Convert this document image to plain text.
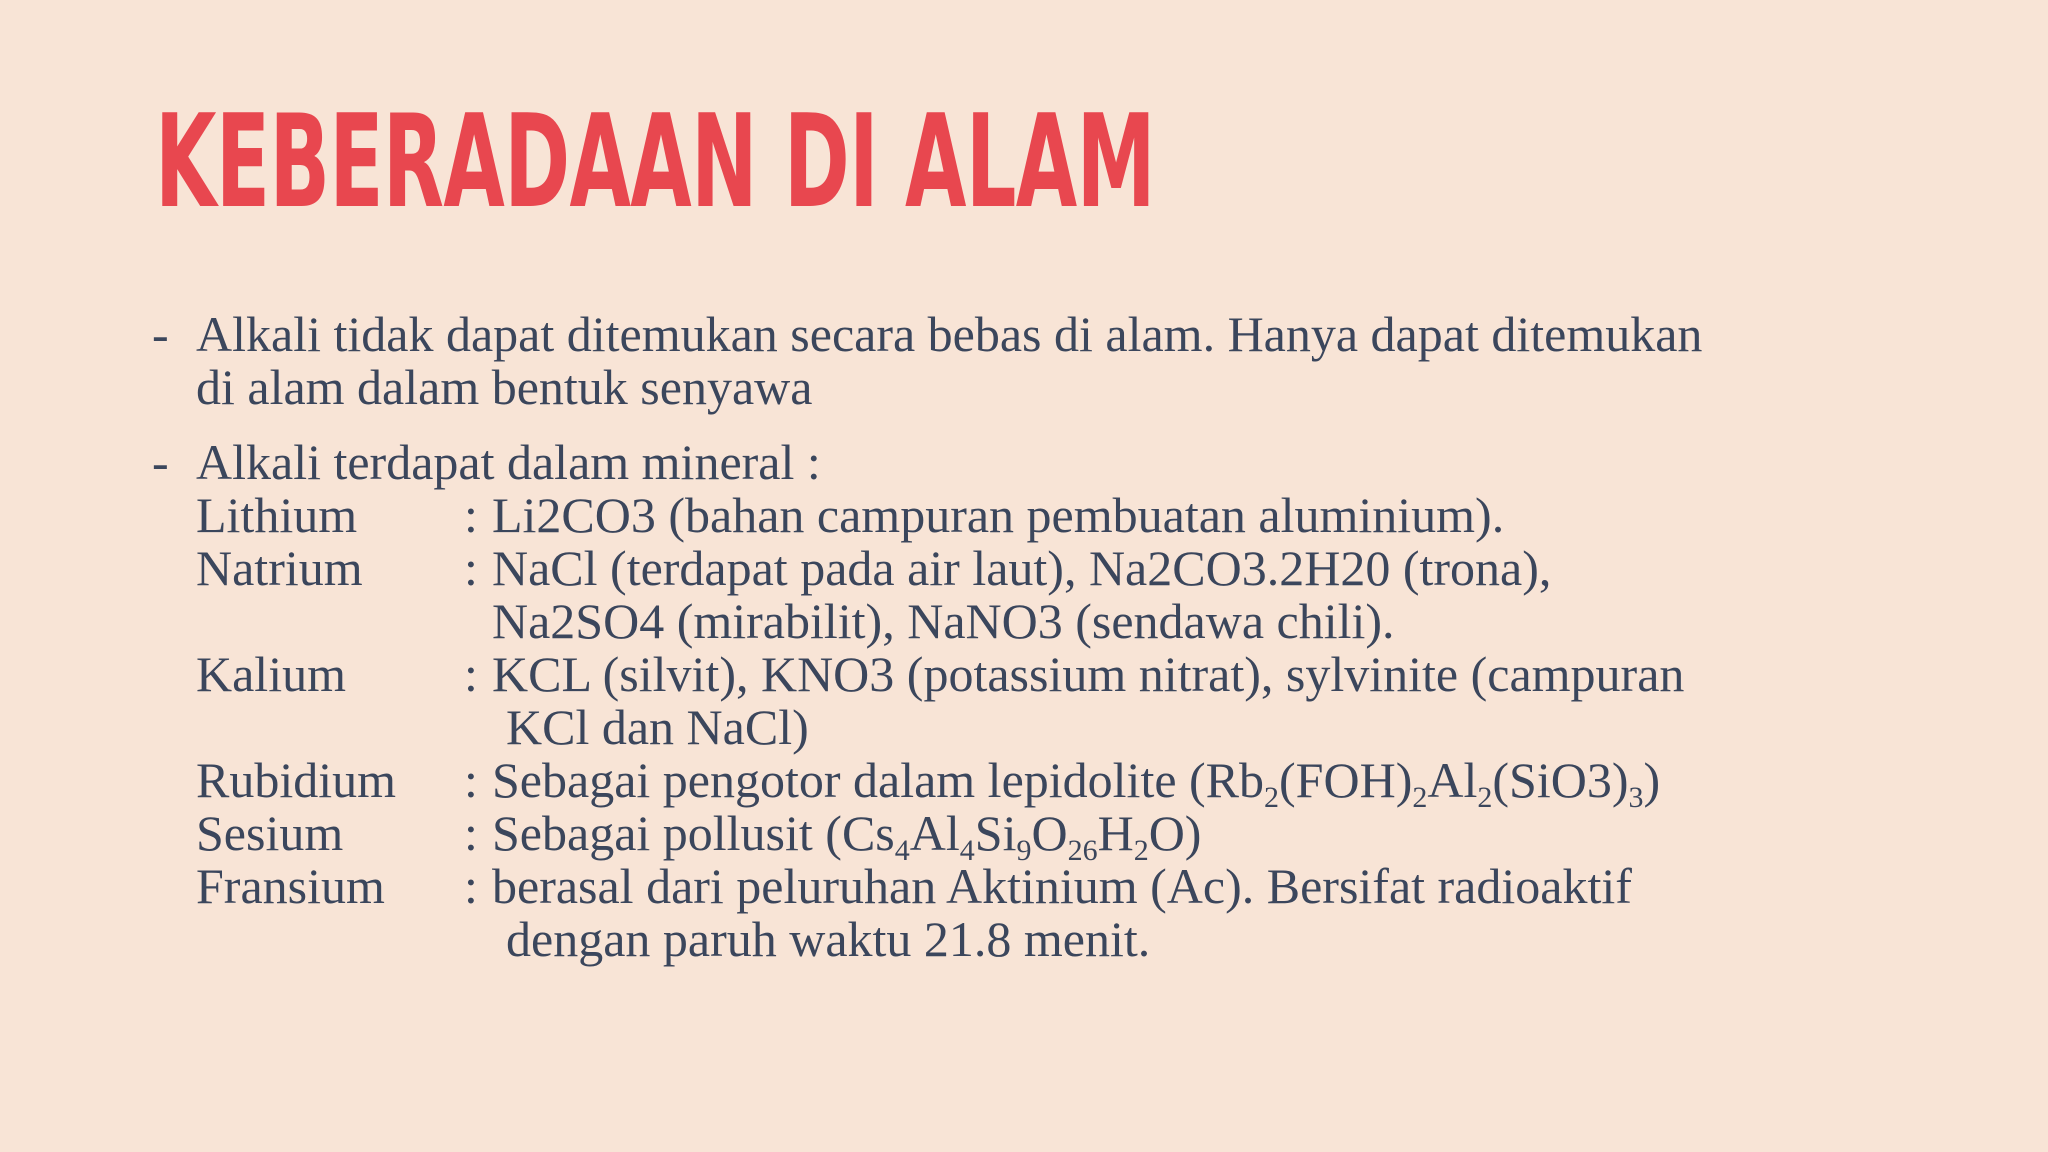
KEBERADAAN DI ALAM
- Alkali tidak dapat ditemukan secara bebas di alam. Hanya dapat ditemukan
di alam dalam bentuk senyawa
- Alkali terdapat dalam mineral :
Lithium	: Li2CO3 (bahan campuran pembuatan aluminium).
Natrium	: NaCl (terdapat pada air laut), Na2CO3.2H20 (trona),
Na2SO4 (mirabilit), NaNO3 (sendawa chili).
Kalium	: KCL (silvit), KNO3 (potassium nitrat), sylvinite (campuran
KCl dan NaCl)
Rubidium	: Sebagai pengotor dalam lepidolite $(Rb_2(FOH)_2Al_2(SiO3)_3)$
Sesium	: Sebagai pollusit $(Cs_4Al_4Si_9O_{26}H_2O)$
Fransium	: berasal dari peluruhan Aktinium (Ac). Bersifat radioaktif
dengan paruh waktu 21.8 menit.
